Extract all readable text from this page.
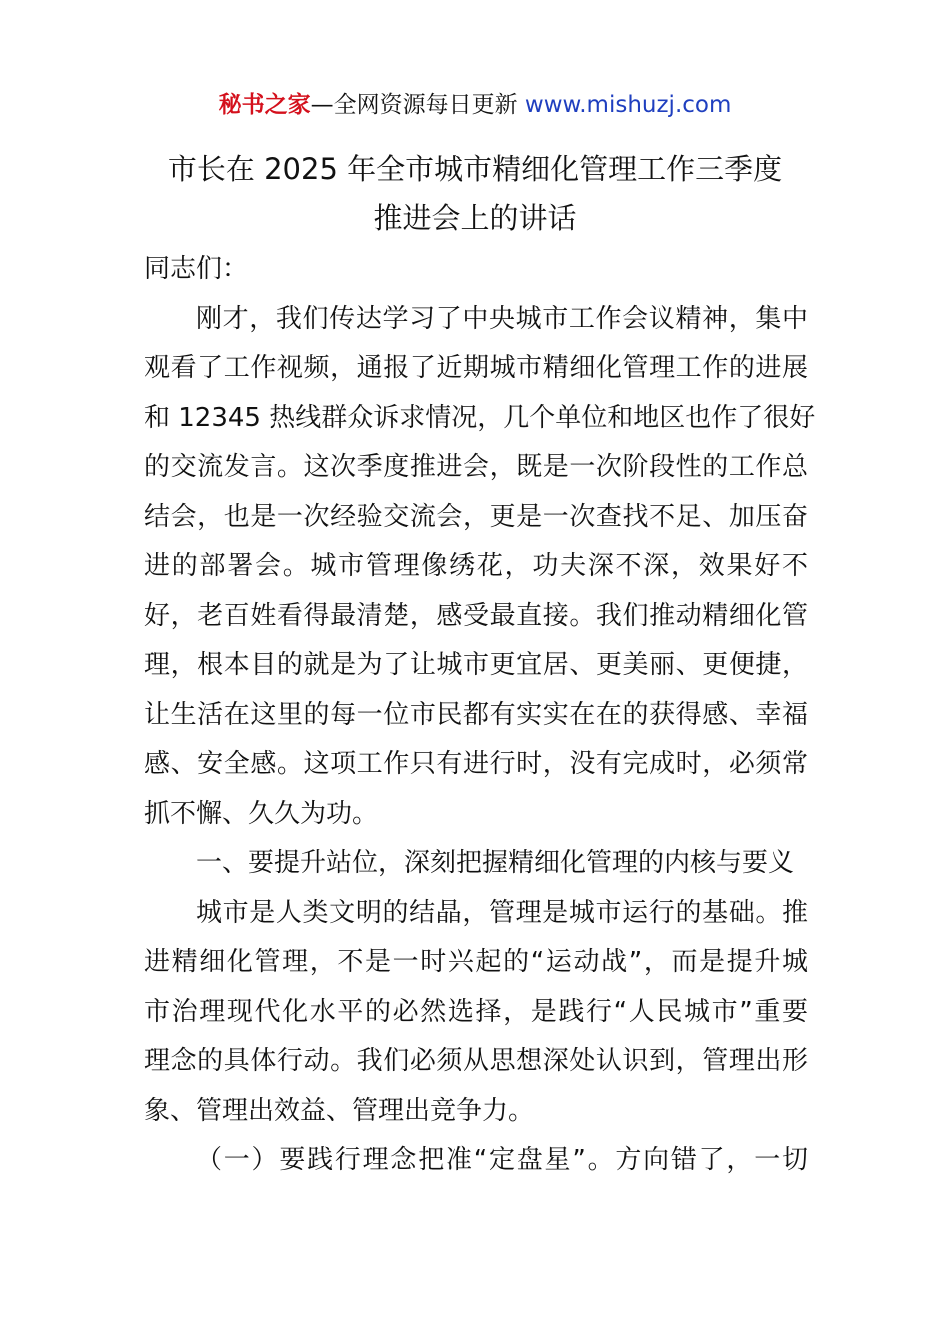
秘书之家—全网资源每日更新 www.mishuzj.com
市长在 2025 年全市城市精细化管理工作三季度
推进会上的讲话
同志们：
刚才，我们传达学习了中央城市工作会议精神，集中
观看了工作视频，通报了近期城市精细化管理工作的进展
和 12345 热线群众诉求情况，几个单位和地区也作了很好
的交流发言。这次季度推进会，既是一次阶段性的工作总
结会，也是一次经验交流会，更是一次查找不足、加压奋
进的部署会。城市管理像绣花，功夫深不深，效果好不
好，老百姓看得最清楚，感受最直接。我们推动精细化管
理，根本目的就是为了让城市更宜居、更美丽、更便捷，
让生活在这里的每一位市民都有实实在在的获得感、幸福
感、安全感。这项工作只有进行时，没有完成时，必须常
抓不懈、久久为功。
一、要提升站位，深刻把握精细化管理的内核与要义
城市是人类文明的结晶，管理是城市运行的基础。推
进精细化管理，不是一时兴起的“运动战”，而是提升城
市治理现代化水平的必然选择，是践行“人民城市”重要
理念的具体行动。我们必须从思想深处认识到，管理出形
象、管理出效益、管理出竞争力。
（一）要践行理念把准“定盘星”。方向错了，一切
